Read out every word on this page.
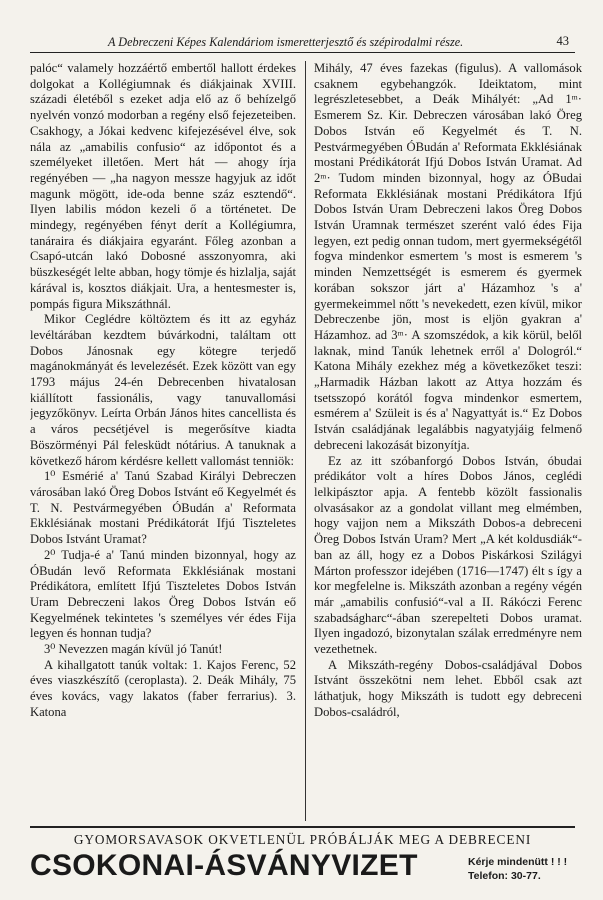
A Debreczeni Képes Kalendáriom ismeretterjesztő és szépirodalmi része.	43

palóc“ valamely hozzáértő embertől hallott érdekes dolgokat a Kollégiumnak és diákjainak XVIII. századi életéből s ezeket adja elő az ő behízelgő nyelvén vonzó modorban a regény első fejezeteiben. Csakhogy, a Jókai kedvenc kifejezésével élve, sok nála az „amabilis confusio“ az időpontot és a személyeket illetően. Mert hát — ahogy írja regényében — „ha nagyon messze hagyjuk az időt magunk mögött, ide-oda benne száz esztendő“. Ilyen labilis módon kezeli ő a történetet. De mindegy, regényében fényt derít a Kollégiumra, tanáraira és diákjaira egyaránt. Főleg azonban a Csapó-utcán lakó Dobosné asszonyomra, aki büszkeségét lelte abban, hogy tömje és hizlalja, saját kárával is, kosztos diákjait. Ura, a hentesmester is, pompás figura Mikszáthnál.

Mikor Ceglédre költöztem és itt az egyház levéltárában kezdtem búvárkodni, találtam ott Dobos Jánosnak egy kötegre terjedő magánokmányát és levelezését. Ezek között van egy 1793 május 24-én Debrecenben hivatalosan kiállított fassionális, vagy tanuvallomási jegyzőkönyv. Leírta Orbán János hites cancellista és a város pecsétjével is megerősítve kiadta Böszörményi Pál felesküdt nótárius. A tanuknak a következő három kérdésre kellett vallomást tenniök:

1⁰ Esmérié a' Tanú Szabad Királyi Debreczen városában lakó Öreg Dobos Istvánt eő Kegyelmét és T. N. Pestvármegyében ÓBudán a' Reformata Ekklésiának mostani Prédikátorát Ifjú Tiszteletes Dobos Istvánt Uramat?

2⁰ Tudja-é a' Tanú minden bizonnyal, hogy az ÓBudán levő Reformata Ekklésiának mostani Prédikátora, említett Ifjú Tiszteletes Dobos István Uram Debreczeni lakos Öreg Dobos István eő Kegyelmének tekintetes 's személyes vér édes Fija legyen és honnan tudja?

3⁰ Nevezzen magán kívül jó Tanút!

A kihallgatott tanúk voltak: 1. Kajos Ferenc, 52 éves viaszkészítő (ceroplasta). 2. Deák Mihály, 75 éves kovács, vagy lakatos (faber ferrarius). 3. Katona

Mihály, 47 éves fazekas (figulus). A vallomások csaknem egybehangzók. Ideiktatom, mint legrészletesebbet, a Deák Mihályét: „Ad 1ᵐ· Esmerem Sz. Kir. Debreczen városában lakó Öreg Dobos István eő Kegyelmét és T. N. Pestvármegyében ÓBudán a' Reformata Ekklésiának mostani Prédikátorát Ifjú Dobos István Uramat. Ad 2ᵐ· Tudom minden bizonnyal, hogy az ÓBudai Reformata Ekklésiának mostani Prédikátora Ifjú Dobos István Uram Debreczeni lakos Öreg Dobos István Uramnak természet szerént való édes Fija legyen, ezt pedig onnan tudom, mert gyermekségétől fogva mindenkor esmertem 's most is esmerem 's minden Nemzettségét is esmerem és gyermek korában sokszor járt a' Házamhoz 's a' gyermekeimmel nőtt 's nevekedett, ezen kívül, mikor Debreczenbe jön, most is eljön gyakran a' Házamhoz. ad 3ᵐ· A szomszédok, a kik körül, belől laknak, mind Tanúk lehetnek erről a' Dologról.“ Katona Mihály ezekhez még a következőket teszi: „Harmadik Házban lakott az Attya hozzám és tsetsszopó korától fogva mindenkor esmertem, esmérem a' Szüleit is és a' Nagyattyát is.“ Ez Dobos István családjának legalábbis nagyatyjáig felmenő debreceni lakozását bizonyítja.

Ez az itt szóbanforgó Dobos István, óbudai prédikátor volt a híres Dobos János, ceglédi lelkipásztor apja. A fentebb közölt fassionalis olvasásakor az a gondolat villant meg elmémben, hogy vajjon nem a Mikszáth Dobos-a debreceni Öreg Dobos István Uram? Mert „A két koldusdiák“-ban az áll, hogy ez a Dobos Piskárkosi Szilágyi Márton professzor idejében (1716—1747) élt s így a kor megfelelne is. Mikszáth azonban a regény végén már „amabilis confusió“-val a II. Rákóczi Ferenc szabadságharc“-ában szerepelteti Dobos uramat. Ilyen ingadozó, bizonytalan szálak erredményre nem vezethetnek.

A Mikszáth-regény Dobos-családjával Dobos Istvánt összekötni nem lehet. Ebből csak azt láthatjuk, hogy Mikszáth is tudott egy debreceni Dobos-családról,

GYOMORSAVASOK OKVETLENÜL PRÓBÁLJÁK MEG A DEBRECENI
CSOKONAI-ÁSVÁNYVIZET	Kérje mindenütt ! ! !
Telefon: 30-77.
